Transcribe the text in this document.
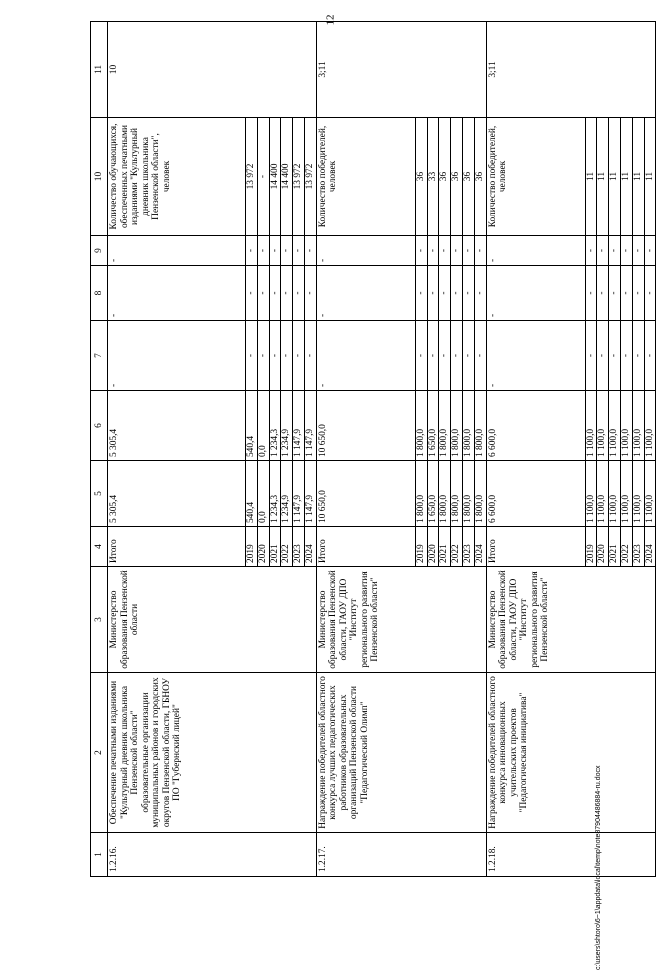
12
1	2	3	4	5	6	7	8	9	10	11
1.2.16.	Обеспечение печатными изданиями "Культурный дневник школьника Пензенской области" образовательные организации муниципальных районов и городских округов Пензенской области, ГБНОУ ПО "Губернский лицей"	Министерство образования Пензенской области	Итого	5 305,4	5 305,4	-	-	-	Количество обучающихся, обеспеченных печатными изданиями "Культурный дневник школьника Пензенской области", человек	10
			2019	540,4	540,4	-	-	-	13 972	
			2020	0,0	0,0	-	-	-	-	
			2021	1 234,3	1 234,3	-	-	-	14 400	
			2022	1 234,9	1 234,9	-	-	-	14 400	
			2023	1 147,9	1 147,9	-	-	-	13 972	
			2024	1 147,9	1 147,9	-	-	-	13 972	
1.2.17.	Награждение победителей областного конкурса лучших педагогических работников образовательных организаций Пензенской области "Педагогический Олимп"	Министерство образования Пензенской области, ГАОУ ДПО "Институт регионального развития Пензенской области"	Итого	10 650,0	10 650,0	-	-	-	Количество победителей, человек	3;11
			2019	1 800,0	1 800,0	-	-	-	36	
			2020	1 650,0	1 650,0	-	-	-	33	
			2021	1 800,0	1 800,0	-	-	-	36	
			2022	1 800,0	1 800,0	-	-	-	36	
			2023	1 800,0	1 800,0	-	-	-	36	
			2024	1 800,0	1 800,0	-	-	-	36	
1.2.18.	Награждение победителей областного конкурса инновационных учительских проектов "Педагогическая инициатива"	Министерство образования Пензенской области, ГАОУ ДПО "Институт регионального развития Пензенской области"	Итого	6 600,0	6 600,0	-	-	-	Количество победителей, человек	3;11
			2019	1 100,0	1 100,0	-	-	-	11	
			2020	1 100,0	1 100,0	-	-	-	11	
			2021	1 100,0	1 100,0	-	-	-	11	
			2022	1 100,0	1 100,0	-	-	-	11	
			2023	1 100,0	1 100,0	-	-	-	11	
			2024	1 100,0	1 100,0	-	-	-	11	
c:\users\shtoro\6~1\appdata\local\temp\note87904486884-ru.docx
